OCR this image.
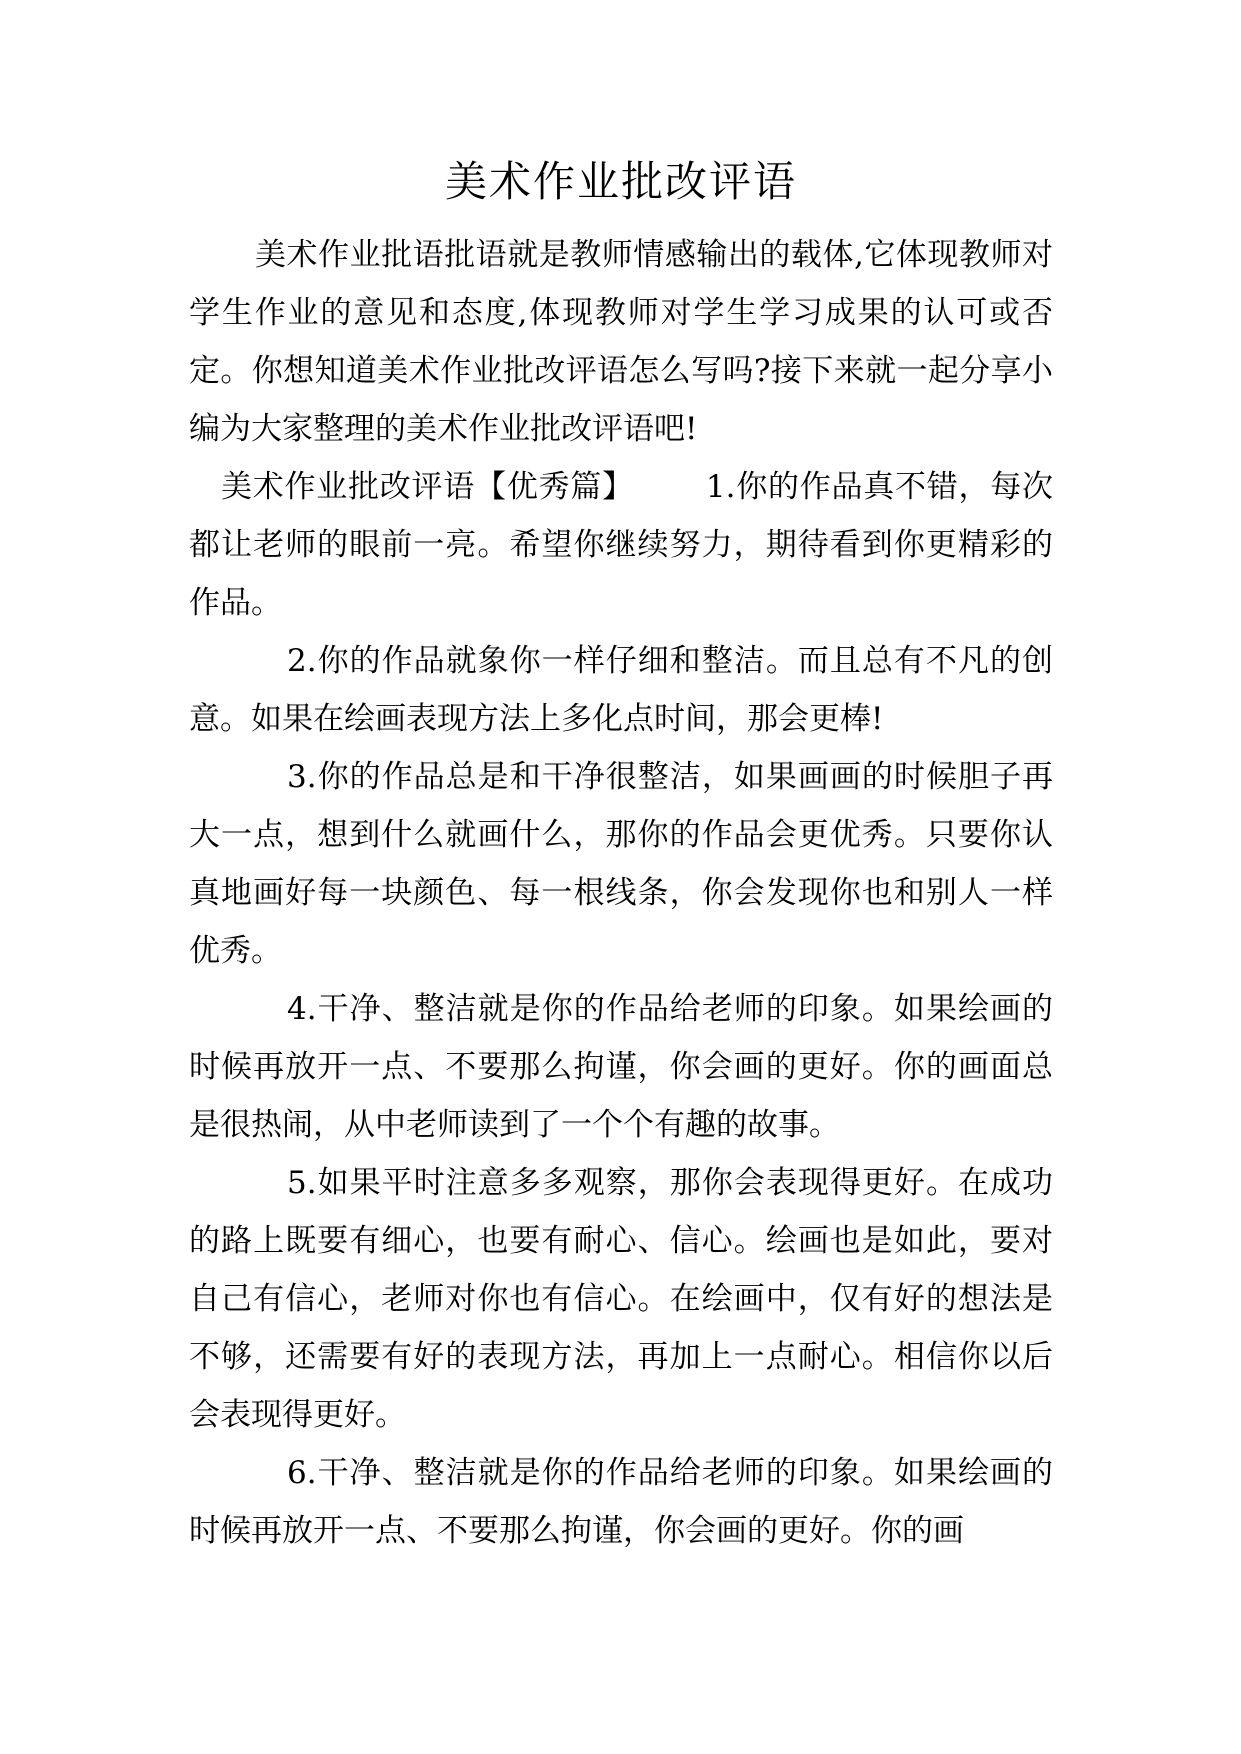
美术作业批改评语

美术作业批语批语就是教师情感输出的载体,它体现教师对学生作业的意见和态度,体现教师对学生学习成果的认可或否定。你想知道美术作业批改评语怎么写吗?接下来就一起分享小编为大家整理的美术作业批改评语吧!

美术作业批改评语【优秀篇】 1.你的作品真不错，每次都让老师的眼前一亮。希望你继续努力，期待看到你更精彩的作品。

2.你的作品就象你一样仔细和整洁。而且总有不凡的创意。如果在绘画表现方法上多化点时间，那会更棒!

3.你的作品总是和干净很整洁，如果画画的时候胆子再大一点，想到什么就画什么，那你的作品会更优秀。只要你认真地画好每一块颜色、每一根线条，你会发现你也和别人一样优秀。

4.干净、整洁就是你的作品给老师的印象。如果绘画的时候再放开一点、不要那么拘谨，你会画的更好。你的画面总是很热闹，从中老师读到了一个个有趣的故事。

5.如果平时注意多多观察，那你会表现得更好。在成功的路上既要有细心，也要有耐心、信心。绘画也是如此，要对自己有信心，老师对你也有信心。在绘画中，仅有好的想法是不够，还需要有好的表现方法，再加上一点耐心。相信你以后会表现得更好。

6.干净、整洁就是你的作品给老师的印象。如果绘画的时候再放开一点、不要那么拘谨，你会画的更好。你的画
